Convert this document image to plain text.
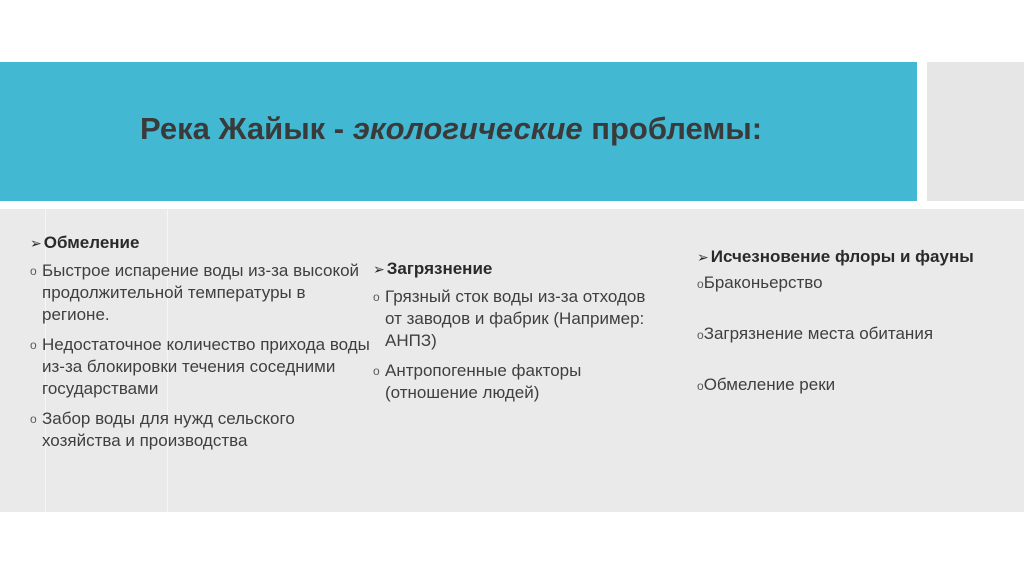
Река Жайык - экологические проблемы:
➢ Обмеление
o Быстрое испарение воды из-за высокой продолжительной температуры в регионе.
o Недостаточное количество прихода воды из-за блокировки течения соседними государствами
o Забор воды для нужд сельского хозяйства и производства
➢ Загрязнение
o Грязный сток воды из-за отходов от заводов и фабрик (Например: АНПЗ)
o Антропогенные факторы (отношение людей)
➢ Исчезновение флоры и фауны
oБраконьерство
oЗагрязнение места обитания
oОбмеление реки
